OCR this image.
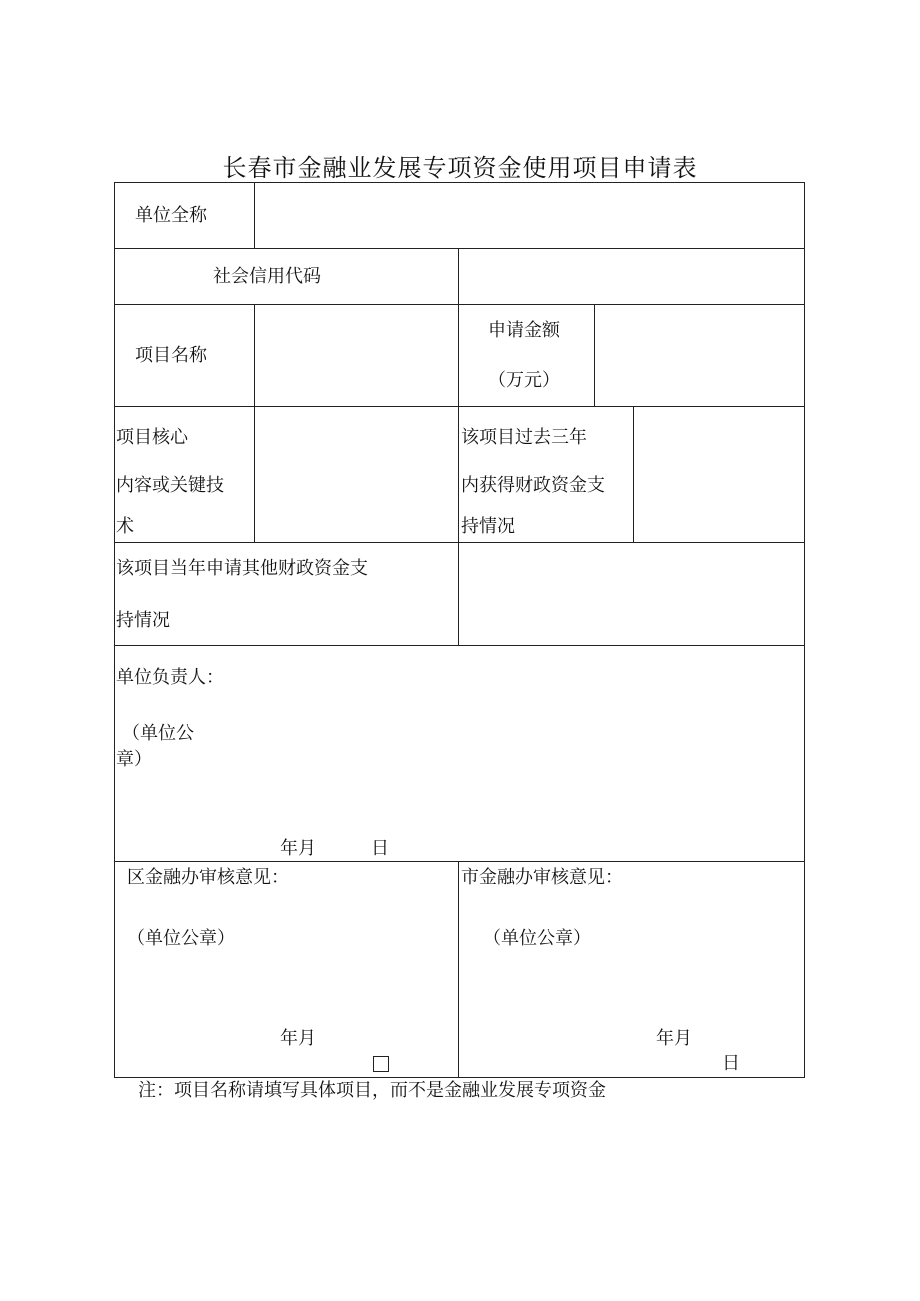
长春市金融业发展专项资金使用项目申请表
单位全称
社会信用代码
项目名称
申请金额
（万元）
项目核心
内容或关键技
术
该项目过去三年
内获得财政资金支
持情况
该项目当年申请其他财政资金支
持情况
单位负责人：
（单位公
章）
年月	日
区金融办审核意见：
（单位公章）
年月
市金融办审核意见：
（单位公章）
年月
日
注：项目名称请填写具体项目，而不是金融业发展专项资金
